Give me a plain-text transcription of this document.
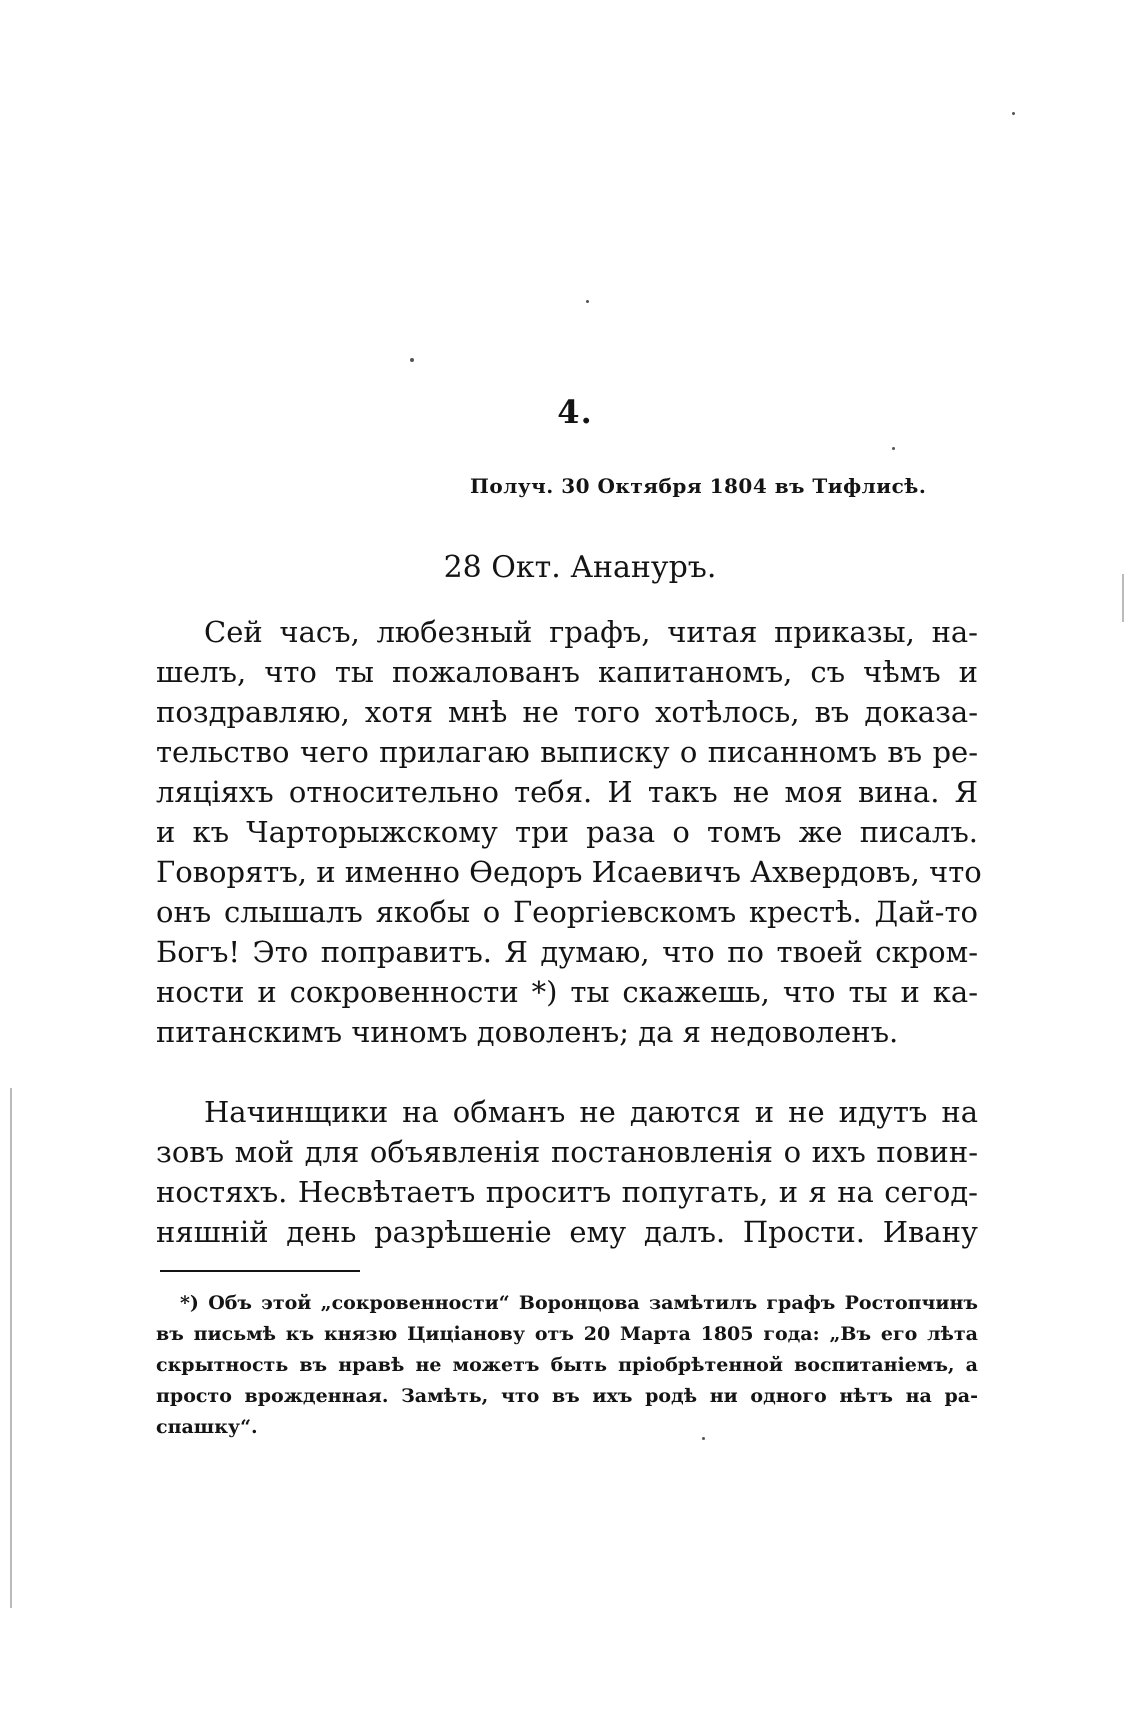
4.
Получ. 30 Октября 1804 въ Тифлисѣ.
28 Окт. Анануръ.
Сей часъ, любезный графъ, читая приказы, на-
шелъ, что ты пожалованъ капитаномъ, съ чѣмъ и
поздравляю, хотя мнѣ не того хотѣлось, въ доказа-
тельство чего прилагаю выписку о писанномъ въ ре-
ляціяхъ относительно тебя. И такъ не моя вина. Я
и къ Чарторыжскому три раза о томъ же писалъ.
Говорятъ, и именно Өедоръ Исаевичъ Ахвердовъ, что
онъ слышалъ якобы о Георгіевскомъ крестѣ. Дай-то
Богъ! Это поправитъ. Я думаю, что по твоей скром-
ности и сокровенности *) ты скажешь, что ты и ка-
питанскимъ чиномъ доволенъ; да я недоволенъ.
Начинщики на обманъ не даются и не идутъ на
зовъ мой для объявленія постановленія о ихъ повин-
ностяхъ. Несвѣтаетъ проситъ попугать, и я на сегод-
няшній день разрѣшеніе ему далъ. Прости. Ивану
*) Объ этой „сокровенности“ Воронцова замѣтилъ графъ Ростопчинъ
въ письмѣ къ князю Циціанову отъ 20 Марта 1805 года: „Въ его лѣта
скрытность въ нравѣ не можетъ быть пріобрѣтенной воспитаніемъ, а
просто врожденная. Замѣть, что въ ихъ родѣ ни одного нѣтъ на ра-
спашку“.
